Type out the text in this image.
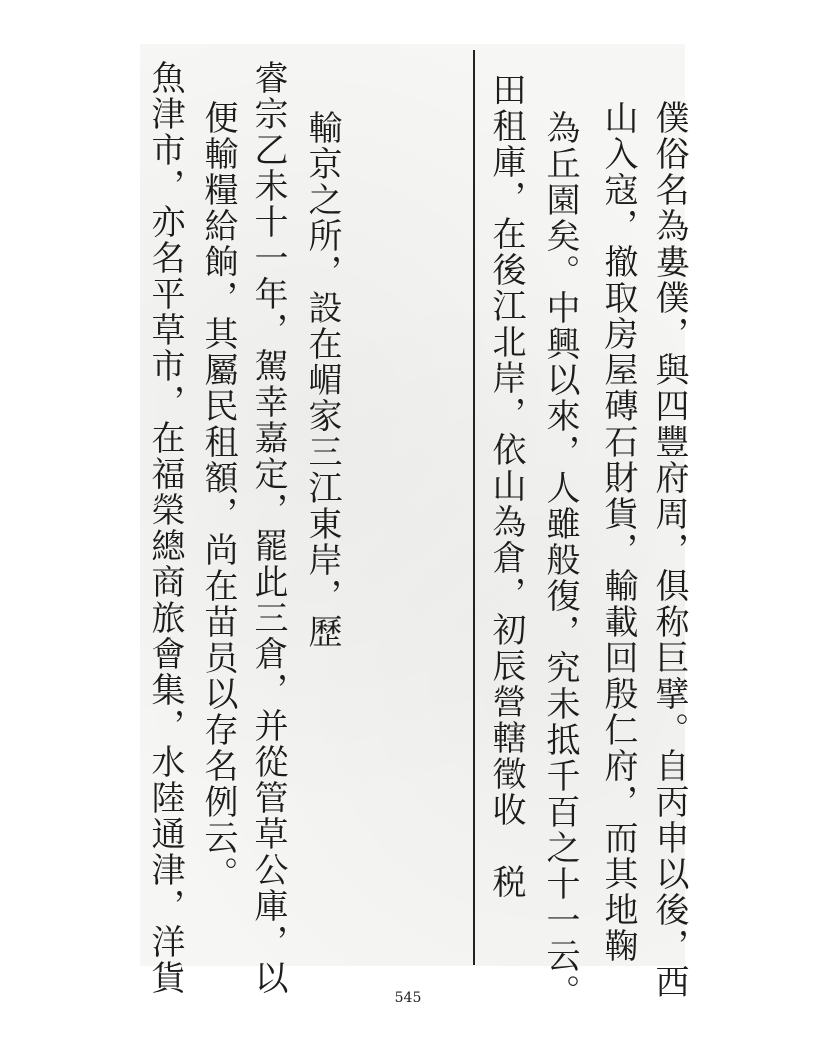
僕俗名為婁僕，與四豐府周，俱称巨擘。自丙申以後，西
山入寇，撤取房屋磚石財貨，輸載回殷仁府，而其地鞠
為丘園矣。中興以來，人雖般復，究未抵千百之十一云。
田租庫，在後江北岸，依山為倉，初辰營轄徵收　税
輸京之所，設在嵋家三江東岸，歷
睿宗乙未十一年，駕幸嘉定，罷此三倉，并從管草公庫，以
便輸糧給餉，其屬民租額，尚在苗员以存名例云。
魚津市，亦名平草市，在福榮總商旅會集，水陸通津，洋貨
545
